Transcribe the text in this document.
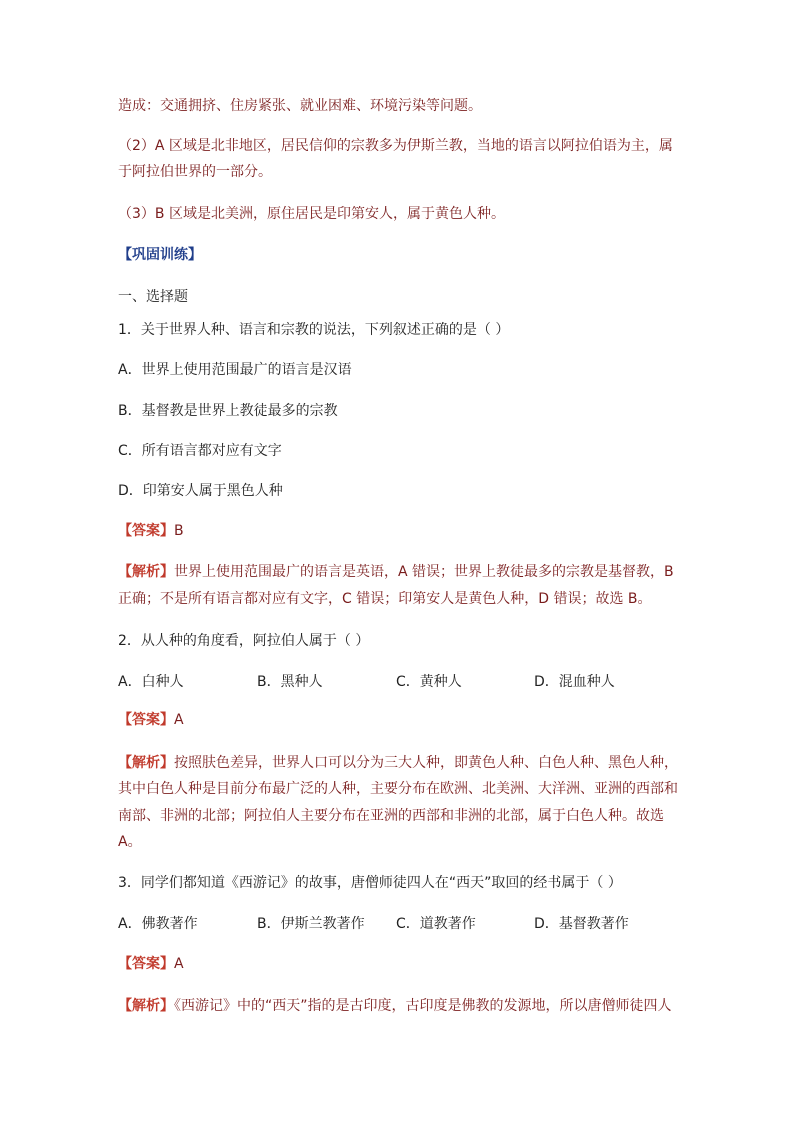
造成：交通拥挤、住房紧张、就业困难、环境污染等问题。
（2）A 区域是北非地区，居民信仰的宗教多为伊斯兰教，当地的语言以阿拉伯语为主，属
于阿拉伯世界的一部分。
（3）B 区域是北美洲，原住居民是印第安人，属于黄色人种。
【巩固训练】
一、选择题
1．关于世界人种、语言和宗教的说法，下列叙述正确的是（ ）
A．世界上使用范围最广的语言是汉语
B．基督教是世界上教徒最多的宗教
C．所有语言都对应有文字
D．印第安人属于黑色人种
【答案】B
【解析】世界上使用范围最广的语言是英语，A 错误；世界上教徒最多的宗教是基督教，B
正确；不是所有语言都对应有文字，C 错误；印第安人是黄色人种，D 错误；故选 B。
2．从人种的角度看，阿拉伯人属于（ ）
A．白种人	B．黑种人	C．黄种人	D．混血种人
【答案】A
【解析】按照肤色差异，世界人口可以分为三大人种，即黄色人种、白色人种、黑色人种，
其中白色人种是目前分布最广泛的人种，主要分布在欧洲、北美洲、大洋洲、亚洲的西部和
南部、非洲的北部；阿拉伯人主要分布在亚洲的西部和非洲的北部，属于白色人种。故选
A。
3．同学们都知道《西游记》的故事，唐僧师徒四人在“西天”取回的经书属于（ ）
A．佛教著作	B．伊斯兰教著作 C．道教著作	D．基督教著作
【答案】A
【解析】《西游记》中的“西天”指的是古印度，古印度是佛教的发源地，所以唐僧师徒四人
